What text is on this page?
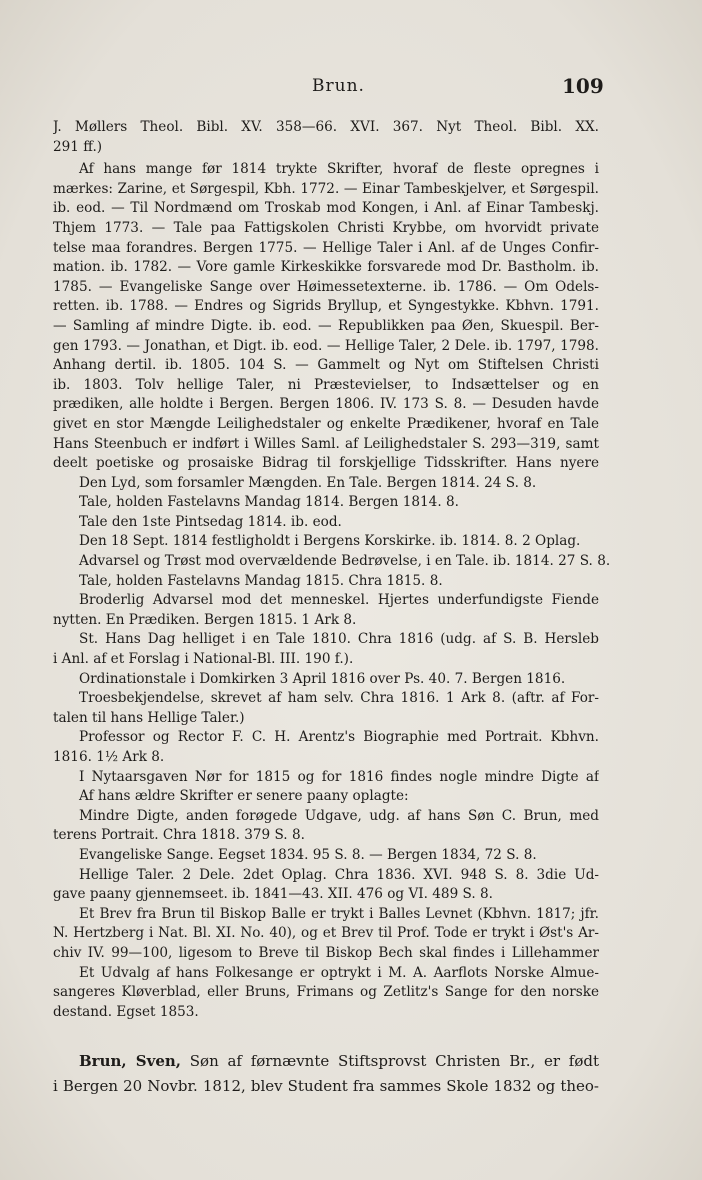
Brun.	109
J. Møllers Theol. Bibl. XV. 358—66. XVI. 367. Nyt Theol. Bibl. XX.
291 ff.)
Af hans mange før 1814 trykte Skrifter, hvoraf de fleste opregnes i
mærkes: Zarine, et Sørgespil, Kbh. 1772. — Einar Tambeskjelver, et Sørgespil.
ib. eod. — Til Nordmænd om Troskab mod Kongen, i Anl. af Einar Tambeskj.
Thjem 1773. — Tale paa Fattigskolen Christi Krybbe, om hvorvidt private
telse maa forandres. Bergen 1775. — Hellige Taler i Anl. af de Unges Confir-
mation. ib. 1782. — Vore gamle Kirkeskikke forsvarede mod Dr. Bastholm. ib.
1785. — Evangeliske Sange over Høimessetexterne. ib. 1786. — Om Odels-
retten. ib. 1788. — Endres og Sigrids Bryllup, et Syngestykke. Kbhvn. 1791.
— Samling af mindre Digte. ib. eod. — Republikken paa Øen, Skuespil. Ber-
gen 1793. — Jonathan, et Digt. ib. eod. — Hellige Taler, 2 Dele. ib. 1797, 1798.
Anhang dertil. ib. 1805. 104 S. — Gammelt og Nyt om Stiftelsen Christi
ib. 1803. Tolv hellige Taler, ni Præstevielser, to Indsættelser og en
prædiken, alle holdte i Bergen. Bergen 1806. IV. 173 S. 8. — Desuden havde
givet en stor Mængde Leilighedstaler og enkelte Prædikener, hvoraf en Tale
Hans Steenbuch er indført i Willes Saml. af Leilighedstaler S. 293—319, samt
deelt poetiske og prosaiske Bidrag til forskjellige Tidsskrifter. Hans nyere
Den Lyd, som forsamler Mængden. En Tale. Bergen 1814. 24 S. 8.
Tale, holden Fastelavns Mandag 1814. Bergen 1814. 8.
Tale den 1ste Pintsedag 1814. ib. eod.
Den 18 Sept. 1814 festligholdt i Bergens Korskirke. ib. 1814. 8. 2 Oplag.
Advarsel og Trøst mod overvældende Bedrøvelse, i en Tale. ib. 1814. 27 S. 8.
Tale, holden Fastelavns Mandag 1815. Chra 1815. 8.
Broderlig Advarsel mod det menneskel. Hjertes underfundigste Fiende
nytten. En Prædiken. Bergen 1815. 1 Ark 8.
St. Hans Dag helliget i en Tale 1810. Chra 1816 (udg. af S. B. Hersleb
i Anl. af et Forslag i National-Bl. III. 190 f.).
Ordinationstale i Domkirken 3 April 1816 over Ps. 40. 7. Bergen 1816.
Troesbekjendelse, skrevet af ham selv. Chra 1816. 1 Ark 8. (aftr. af For-
talen til hans Hellige Taler.)
Professor og Rector F. C. H. Arentz's Biographie med Portrait. Kbhvn.
1816. 1½ Ark 8.
I Nytaarsgaven Nør for 1815 og for 1816 findes nogle mindre Digte af
Af hans ældre Skrifter er senere paany oplagte:
Mindre Digte, anden forøgede Udgave, udg. af hans Søn C. Brun, med
terens Portrait. Chra 1818. 379 S. 8.
Evangeliske Sange. Eegset 1834. 95 S. 8. — Bergen 1834, 72 S. 8.
Hellige Taler. 2 Dele. 2det Oplag. Chra 1836. XVI. 948 S. 8. 3die Ud-
gave paany gjennemseet. ib. 1841—43. XII. 476 og VI. 489 S. 8.
Et Brev fra Brun til Biskop Balle er trykt i Balles Levnet (Kbhvn. 1817; jfr.
N. Hertzberg i Nat. Bl. XI. No. 40), og et Brev til Prof. Tode er trykt i Øst's Ar-
chiv IV. 99—100, ligesom to Breve til Biskop Bech skal findes i Lillehammer
Et Udvalg af hans Folkesange er optrykt i M. A. Aarflots Norske Almue-
sangeres Kløverblad, eller Bruns, Frimans og Zetlitz's Sange for den norske
destand. Egset 1853.
Brun, Sven, Søn af førnævnte Stiftsprovst Christen Br., er født
i Bergen 20 Novbr. 1812, blev Student fra sammes Skole 1832 og theo-
